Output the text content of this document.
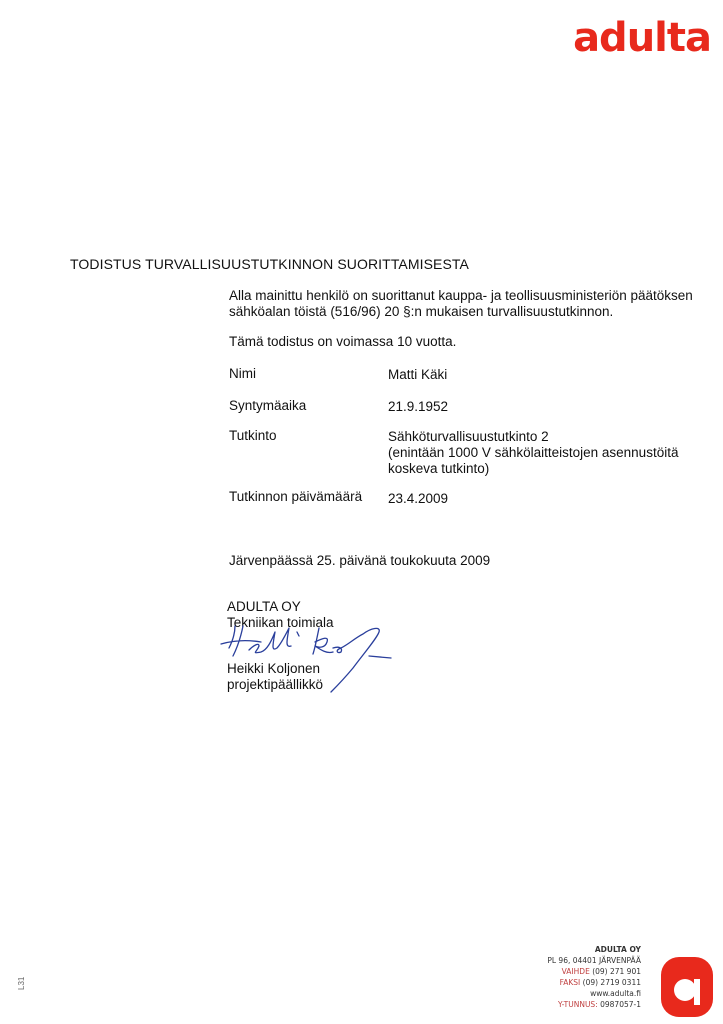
adulta
TODISTUS TURVALLISUUSTUTKINNON SUORITTAMISESTA
Alla mainittu henkilö on suorittanut kauppa- ja teollisuusministeriön päätöksen sähköalan töistä (516/96) 20 §:n mukaisen turvallisuustutkinnon.
Tämä todistus on voimassa 10 vuotta.
Nimi	Matti Käki
Syntymäaika	21.9.1952
Tutkinto	Sähköturvallisuustutkinto 2
(enintään 1000 V sähkölaitteistojen asennustöitä
koskeva tutkinto)
Tutkinnon päivämäärä 23.4.2009
Järvenpäässä 25. päivänä toukokuuta 2009
ADULTA OY
Tekniikan toimiala
Heikki Koljonen
projektipäällikkö
ADULTA OY
PL 96, 04401 JÄRVENPÄÄ
VAIHDE (09) 271 901
FAKSI (09) 2719 0311
www.adulta.fi
Y-TUNNUS: 0987057-1
L31
